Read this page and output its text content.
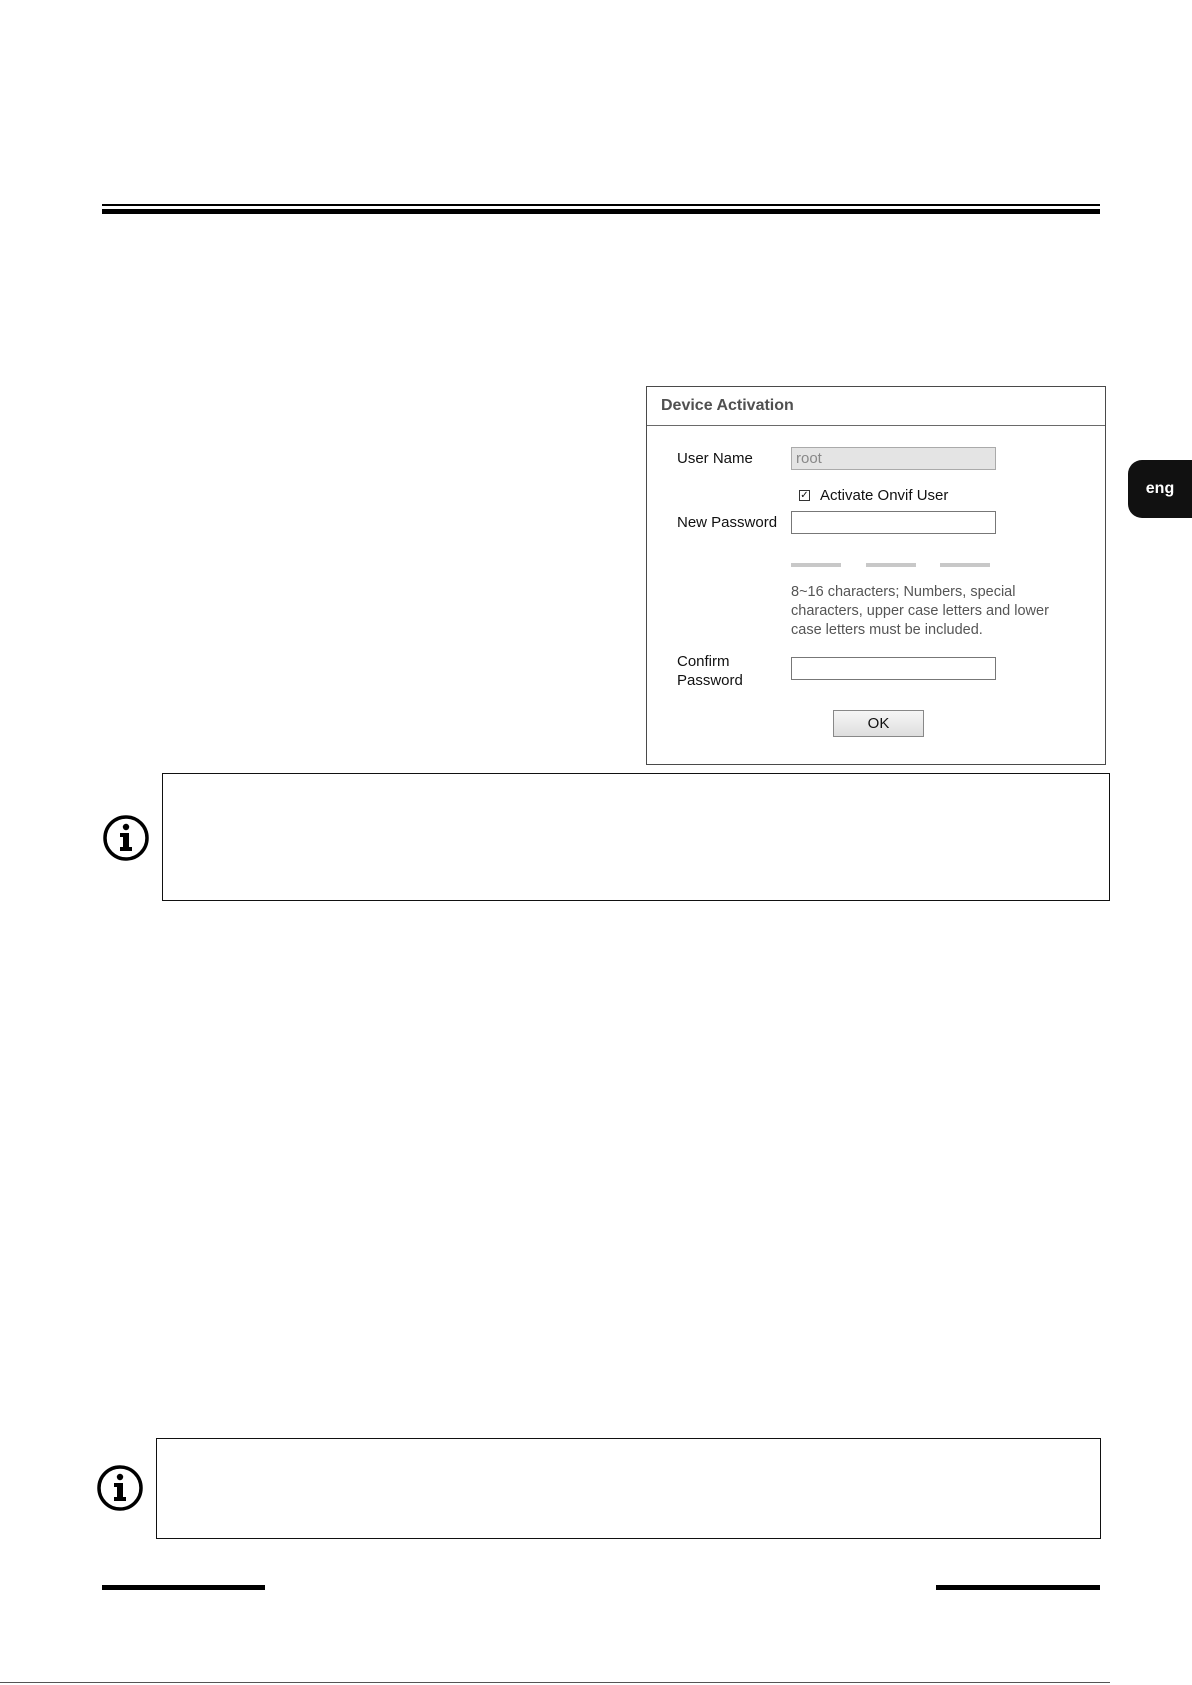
eng
Device Activation
User Name
root
✓ Activate Onvif User
New Password
8~16 characters; Numbers, special characters, upper case letters and lower case letters must be included.
Confirm
Password
OK
